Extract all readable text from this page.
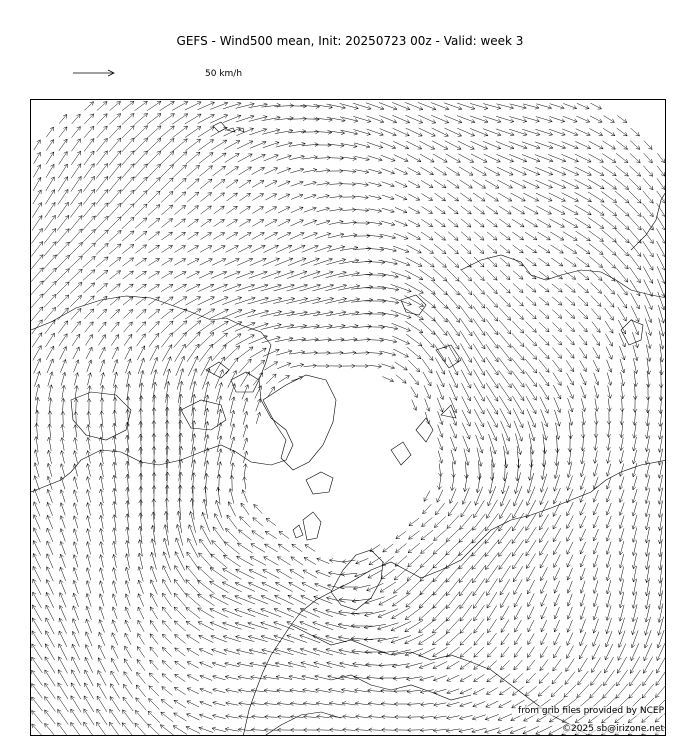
GEFS - Wind500 mean, Init: 20250723 00z - Valid: week 3
50 km/h
from grib files provided by NCEP
©2025 sb@irizone.net
